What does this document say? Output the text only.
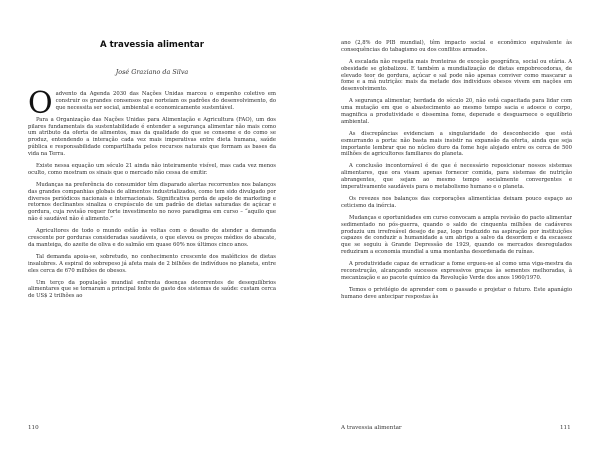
A travessia alimentar
José Graziano da Silva

Oadvento da Agenda 2030 das Nações Unidas marcou o empenho coletivo em construir os grandes consensos que norteiam os padrões do desenvolvimento, do que necessita ser social, ambiental e economicamente sustentável.

Para a Organização das Nações Unidas para Alimentação e Agricultura (FAO), um dos pilares fundamentais da sustentabilidade é entender a segurança alimentar não mais como um atributo da oferta de alimentos, mas da qualidade do que se consome e do como se produz, entendendo a interação cada vez mais imperativas entre dieta humana, saúde pública e responsabilidade compartilhada pelos recursos naturais que formam as bases da vida na Terra.

Existe nessa equação um século 21 ainda não inteiramente visível, mas cada vez menos oculto, como mostram os sinais que o mercado não cessa de emitir.

Mudanças na preferência do consumidor têm disparado alertas recorrentes nos balanços das grandes companhias globais de alimentos industrializados, como tem sido divulgado por diversos periódicos nacionais e internacionais. Significativa perda de apelo de marketing e retornos declinantes sinaliza o crepúsculo de um padrão de dietas saturadas de açúcar e gordura, cuja revisão requer forte investimento no novo paradigma em curso – “aquilo que não é saudável não é alimento.”

Agricultores de todo o mundo estão às voltas com o desafio de atender a demanda crescente por gorduras consideradas saudáveis, o que elevou os preços médios do abacate, da manteiga, do azeite de oliva e do salmão em quase 60% nos últimos cinco anos.

Tal demanda apoia-se, sobretudo, no conhecimento crescente dos maléficios de dietas insalubres. A espiral do sobrepeso já afeta mais de 2 bilhões de indivíduos no planeta, entre eles cerca de 670 milhões de obesos.

Um terço da população mundial enfrenta doenças decorrentes de desequilíbrios alimentares que se tornaram a principal fonte de gasto dos sistemas de saúde: custam cerca de US$ 2 trilhões ao

ano (2,8% do PIB mundial), têm impacto social e econômico equivalente às consequências do tabagismo ou dos conflitos armados.

A escalada não respeita mais fronteiras de exceção geográfica, social ou etária. A obesidade se globalizou. E também a mundialização de dietas empobrecedoras, de elevado teor de gordura, açúcar e sal pode não apenas conviver como mascarar a fome e a má nutrição: mais da metade dos indivíduos obesos vivem em nações em desenvolvimento.

A segurança alimentar, herdada do século 20, não está capacitada para lidar com uma mutação em que o abastecimento ao mesmo tempo sacia e adoece o corpo, magnifica a produtividade e dissemina fome, deperade e desguarnece o equilíbrio ambiental.

As discrepâncias evidenciam a singularidade do desconhecido que está esmurrando a porta: não basta mais insistir na expansão da oferta, ainda que seja importante lembrar que no núcleo duro da fome hoje alojado entre os cerca de 500 milhões de agricultores familiares do planeta.

A conclusão incontornável é de que é necessário reposicionar nossos sistemas alimentares, que ora visam apenas fornecer comida, para sistemas de nutrição abrangentes, que sejam ao mesmo tempo socialmente convergentes e imperativamente saudáveis para o metabolismo humano e o planeta.

Os revezes nos balanços das corporações alimentícias deixam pouco espaço ao ceticismo da inércia.

Mudanças e oportunidades em curso convocam a ampla revisão do pacto alimentar sedimentado no pós-guerra, quando o saldo de cinquenta milhões de cadáveres produziu um irrefreável desejo de paz, logo traduzido na aspiração por instituições capazes de conduzir a humanidade a um abrigo a salvo da desordem e da escassez que se seguiu à Grande Depressão de 1929, quando os mercados desregulados reduziram a economia mundial a uma montanha desordenada de ruínas.

A produtividade capaz de erradicar a fome ergueu-se al como uma viga-mestra da reconstrução, alcançando sucessos expressivos graças às sementes melhoradas, à mecanização e ao pacote químico da Revolução Verde dos anos 1960/1970.

Temos o privilégio de aprender com o passado e projetar o futuro. Este apanágio humano deve antecipar respostas às

110	A travessia alimentar	111
